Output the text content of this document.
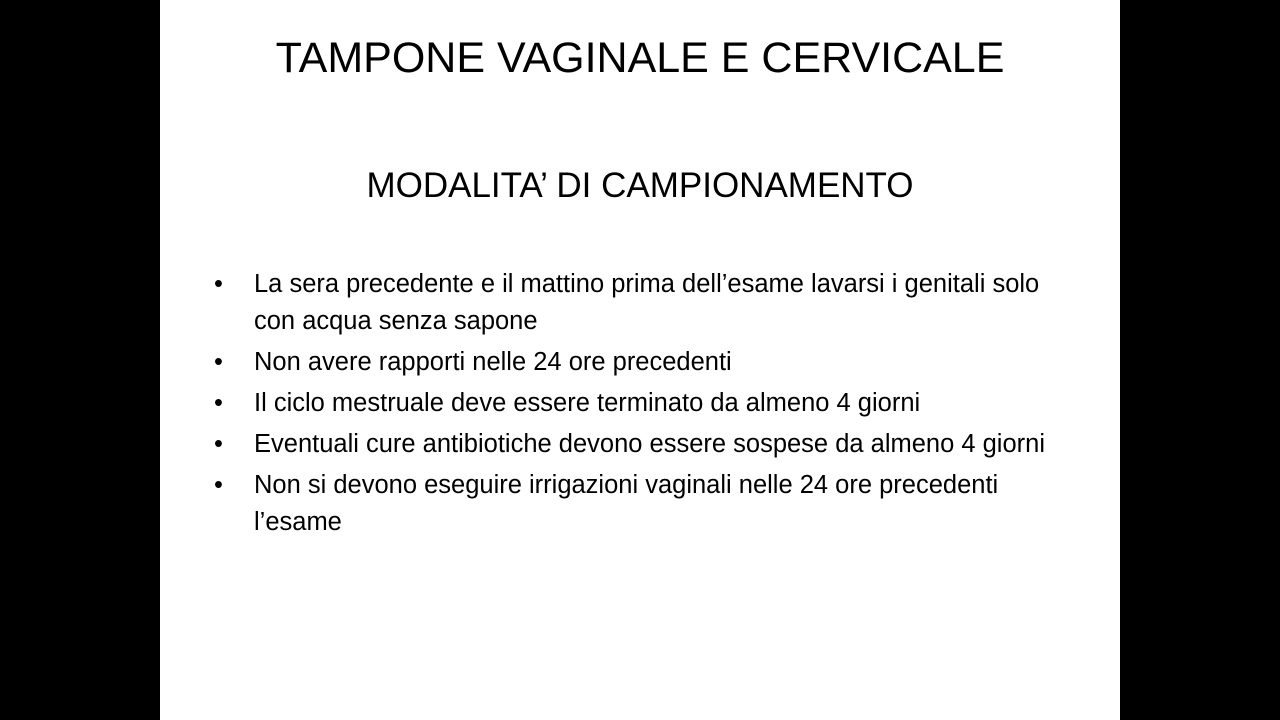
TAMPONE VAGINALE E CERVICALE
MODALITA’ DI CAMPIONAMENTO
•	La sera precedente e il mattino prima dell’esame lavarsi i genitali solo con acqua senza sapone
•	Non avere rapporti nelle 24 ore precedenti
•	Il ciclo mestruale deve essere terminato da almeno 4 giorni
•	Eventuali cure antibiotiche devono essere sospese da almeno 4 giorni
•	Non si devono eseguire irrigazioni vaginali nelle 24 ore precedenti l’esame
